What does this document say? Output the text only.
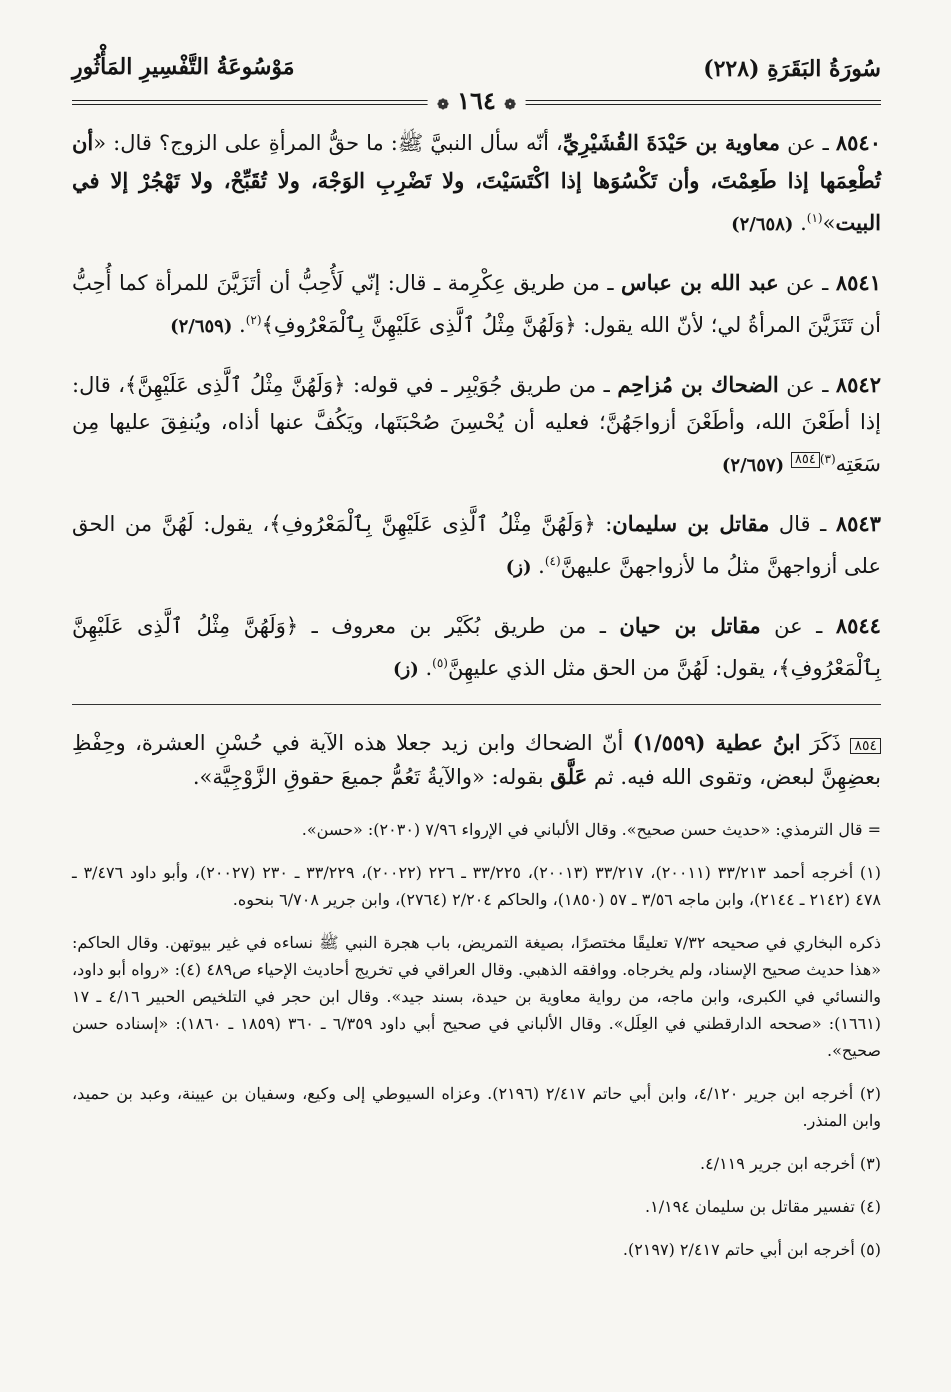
سُورَةُ البَقَرَةِ (٢٢٨)
مَوْسُوعَةُ التَّفْسِيرِ المَأْثُورِ
❁ ١٦٤ ❁

٨٥٤٠ ـ عن معاوية بن حَيْدَةَ القُشَيْرِيِّ، أنّه سأل النبيَّ ﷺ: ما حقُّ المرأةِ على الزوج؟ قال: «أن تُطْعِمَها إذا طَعِمْتَ، وأن تَكْسُوَها إذا اكْتَسَيْتَ، ولا تَضْرِبِ الوَجْهَ، ولا تُقَبِّحْ، ولا تَهْجُرْ إلا في البيت»$^{(١)}$. (٢/٦٥٨)

٨٥٤١ ـ عن عبد الله بن عباس ـ من طريق عِكْرِمة ـ قال: إنّي لَأُحِبُّ أن أتَزَيَّنَ للمرأة كما أُحِبُّ أن تَتَزَيَّنَ المرأةُ لي؛ لأنّ الله يقول: ﴿وَلَهُنَّ مِثْلُ ٱلَّذِى عَلَيْهِنَّ بِٱلْمَعْرُوفِ﴾$^{(٢)}$. (٢/٦٥٩)

٨٥٤٢ ـ عن الضحاك بن مُزاحِم ـ من طريق جُوَيْبِر ـ في قوله: ﴿وَلَهُنَّ مِثْلُ ٱلَّذِى عَلَيْهِنَّ﴾، قال: إذا أطَعْنَ الله، وأطَعْنَ أزواجَهُنَّ؛ فعليه أن يُحْسِنَ صُحْبَتَها، ويَكُفَّ عنها أذاه، ويُنفِقَ عليها مِن سَعَتِه$^{(٣)}$٨٥٤ (٢/٦٥٧)

٨٥٤٣ ـ قال مقاتل بن سليمان: ﴿وَلَهُنَّ مِثْلُ ٱلَّذِى عَلَيْهِنَّ بِٱلْمَعْرُوفِ﴾، يقول: لَهُنَّ من الحق على أزواجهنَّ مثلُ ما لأزواجهنَّ عليهنَّ$^{(٤)}$. (ز)

٨٥٤٤ ـ عن مقاتل بن حيان ـ من طريق بُكَيْر بن معروف ـ ﴿وَلَهُنَّ مِثْلُ ٱلَّذِى عَلَيْهِنَّ بِٱلْمَعْرُوفِ﴾، يقول: لَهُنَّ من الحق مثل الذي عليهِنَّ$^{(٥)}$. (ز)

٨٥٤ ذَكَرَ ابنُ عطية (١/٥٥٩) أنّ الضحاك وابن زيد جعلا هذه الآية في حُسْنِ العشرة، وحِفْظِ بعضِهِنَّ لبعض، وتقوى الله فيه. ثم عَلَّق بقوله: «والآيةُ تَعُمُّ جميعَ حقوقِ الزَّوْجِيَّة».

= قال الترمذي: «حديث حسن صحيح». وقال الألباني في الإرواء ٧/٩٦ (٢٠٣٠): «حسن».

(١) أخرجه أحمد ٣٣/٢١٣ (٢٠٠١١)، ٣٣/٢١٧ (٢٠٠١٣)، ٣٣/٢٢٥ ـ ٢٢٦ (٢٠٠٢٢)، ٣٣/٢٢٩ ـ ٢٣٠ (٢٠٠٢٧)، وأبو داود ٣/٤٧٦ ـ ٤٧٨ (٢١٤٢ ـ ٢١٤٤)، وابن ماجه ٣/٥٦ ـ ٥٧ (١٨٥٠)، والحاكم ٢/٢٠٤ (٢٧٦٤)، وابن جرير ٦/٧٠٨ بنحوه.

ذكره البخاري في صحيحه ٧/٣٢ تعليقًا مختصرًا، بصيغة التمريض، باب هجرة النبي ﷺ نساءه في غير بيوتهن. وقال الحاكم: «هذا حديث صحيح الإسناد، ولم يخرجاه. ووافقه الذهبي. وقال العراقي في تخريج أحاديث الإحياء ص٤٨٩ (٤): «رواه أبو داود، والنسائي في الكبرى، وابن ماجه، من رواية معاوية بن حيدة، بسند جيد». وقال ابن حجر في التلخيص الحبير ٤/١٦ ـ ١٧ (١٦٦١): «صححه الدارقطني في العِلَل». وقال الألباني في صحيح أبي داود ٦/٣٥٩ ـ ٣٦٠ (١٨٥٩ ـ ١٨٦٠): «إسناده حسن صحيح».

(٢) أخرجه ابن جرير ٤/١٢٠، وابن أبي حاتم ٢/٤١٧ (٢١٩٦). وعزاه السيوطي إلى وكيع، وسفيان بن عيينة، وعبد بن حميد، وابن المنذر.

(٣) أخرجه ابن جرير ٤/١١٩.

(٤) تفسير مقاتل بن سليمان ١/١٩٤.

(٥) أخرجه ابن أبي حاتم ٢/٤١٧ (٢١٩٧).
